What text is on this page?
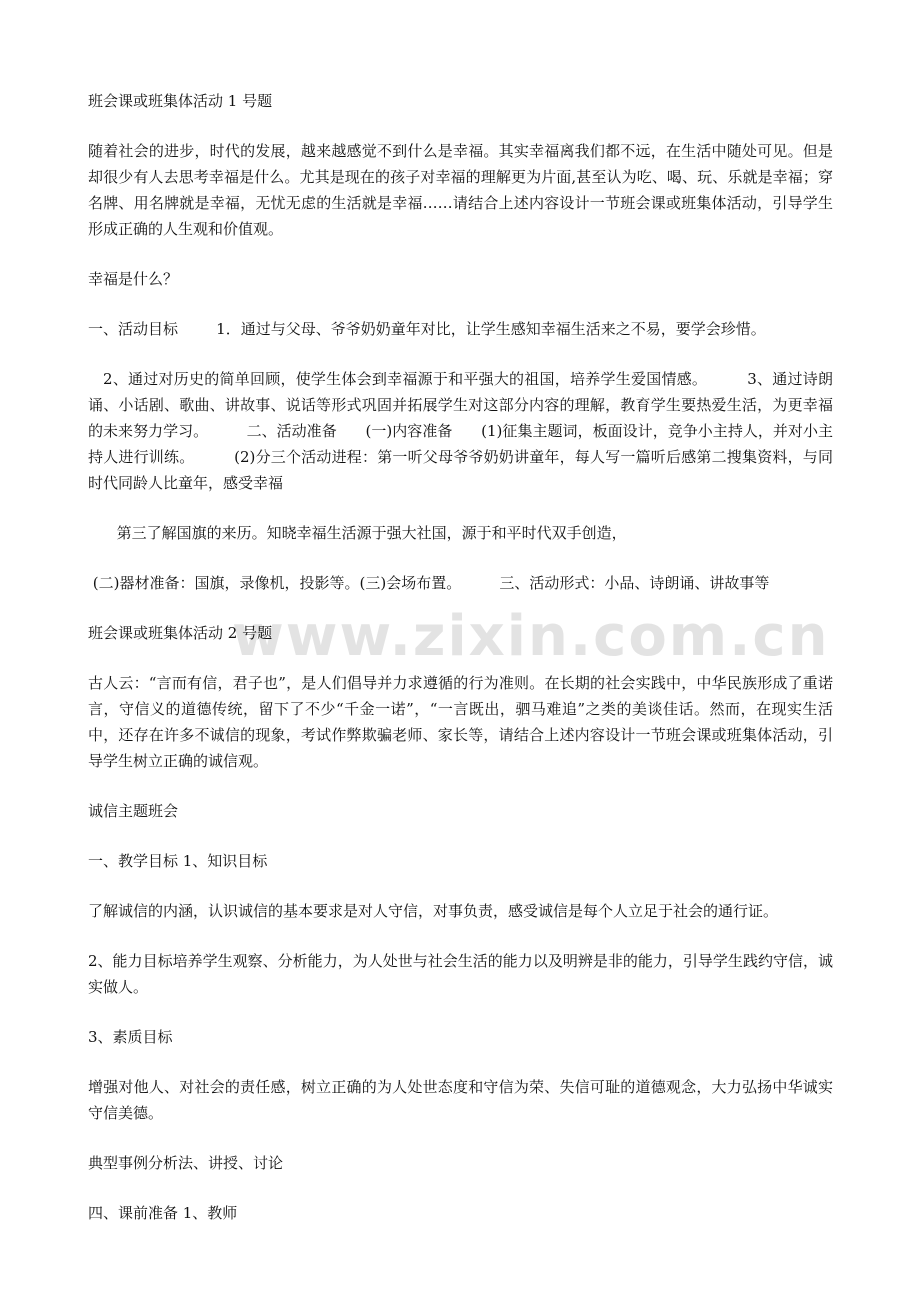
www.zixin.com.cn

班会课或班集体活动 1 号题

随着社会的进步，时代的发展，越来越感觉不到什么是幸福。其实幸福离我们都不远，在生活中随处可见。但是却很少有人去思考幸福是什么。尤其是现在的孩子对幸福的理解更为片面,甚至认为吃、喝、玩、乐就是幸福；穿名牌、用名牌就是幸福，无忧无虑的生活就是幸福……请结合上述内容设计一节班会课或班集体活动，引导学生形成正确的人生观和价值观。

幸福是什么？

一、活动目标        1．通过与父母、爷爷奶奶童年对比，让学生感知幸福生活来之不易，要学会珍惜。

2、通过对历史的简单回顾，使学生体会到幸福源于和平强大的祖国，培养学生爱国情感。        3、通过诗朗诵、小话剧、歌曲、讲故事、说话等形式巩固并拓展学生对这部分内容的理解，教育学生要热爱生活，为更幸福的未来努力学习。        二、活动准备      (一)内容准备      (1)征集主题词，板面设计，竞争小主持人，并对小主持人进行训练。        (2)分三个活动进程：第一听父母爷爷奶奶讲童年，每人写一篇听后感第二搜集资料，与同时代同龄人比童年，感受幸福

第三了解国旗的来历。知晓幸福生活源于强大社国，源于和平时代双手创造，

(二)器材准备：国旗，录像机，投影等。(三)会场布置。        三、活动形式：小品、诗朗诵、讲故事等

班会课或班集体活动 2 号题

古人云：“言而有信，君子也”，是人们倡导并力求遵循的行为准则。在长期的社会实践中，中华民族形成了重诺言，守信义的道德传统，留下了不少“千金一诺”，“一言既出，驷马难追”之类的美谈佳话。然而，在现实生活中，还存在许多不诚信的现象，考试作弊欺骗老师、家长等，请结合上述内容设计一节班会课或班集体活动，引导学生树立正确的诚信观。

诚信主题班会

一、教学目标 1、知识目标

了解诚信的内涵，认识诚信的基本要求是对人守信，对事负责，感受诚信是每个人立足于社会的通行证。

2、能力目标培养学生观察、分析能力，为人处世与社会生活的能力以及明辨是非的能力，引导学生践约守信，诚实做人。

3、素质目标

增强对他人、对社会的责任感，树立正确的为人处世态度和守信为荣、失信可耻的道德观念，大力弘扬中华诚实守信美德。

典型事例分析法、讲授、讨论

四、课前准备 1、教师
